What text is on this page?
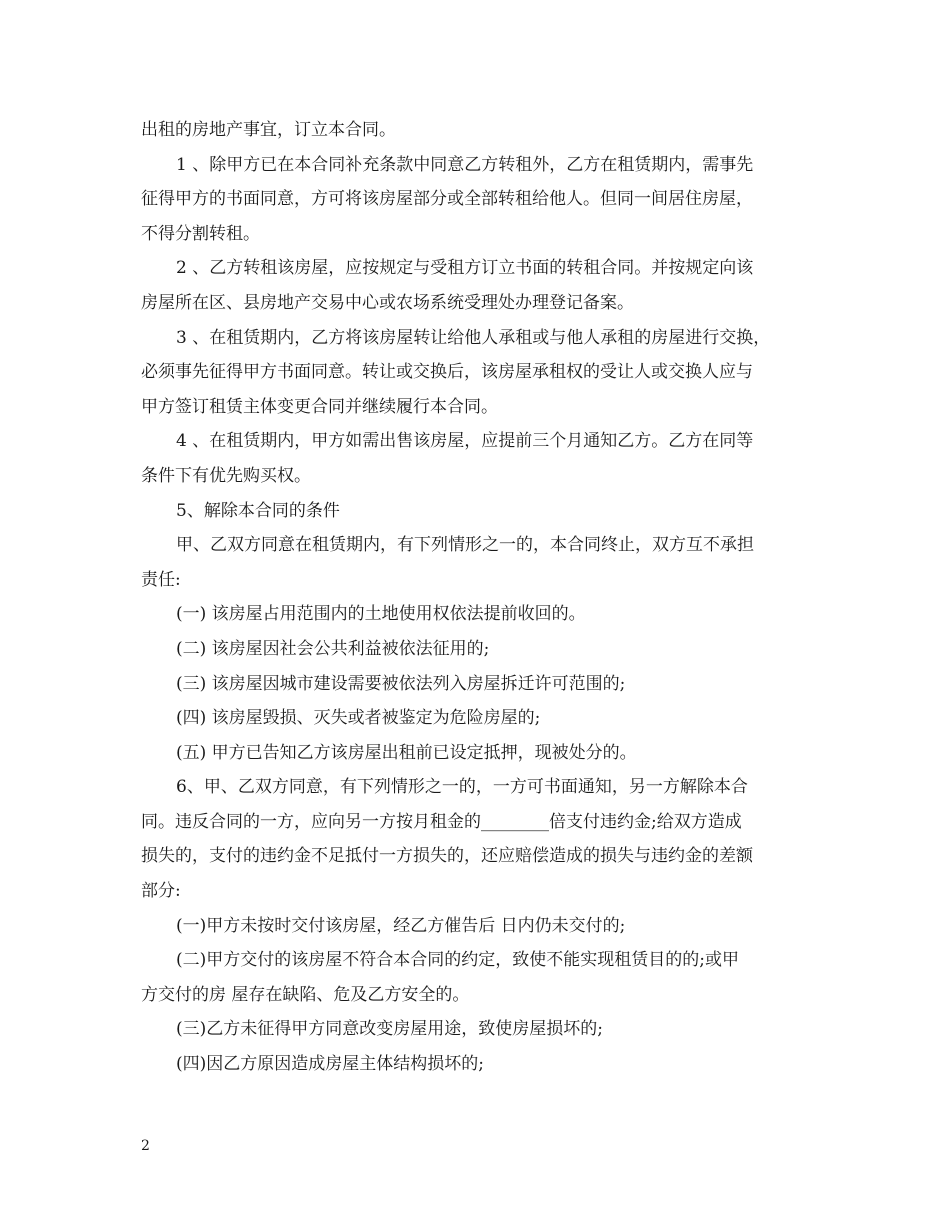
出租的房地产事宜，订立本合同。
1 、除甲方已在本合同补充条款中同意乙方转租外，乙方在租赁期内，需事先
征得甲方的书面同意，方可将该房屋部分或全部转租给他人。但同一间居住房屋，
不得分割转租。
2 、乙方转租该房屋，应按规定与受租方订立书面的转租合同。并按规定向该
房屋所在区、县房地产交易中心或农场系统受理处办理登记备案。
3 、在租赁期内，乙方将该房屋转让给他人承租或与他人承租的房屋进行交换，
必须事先征得甲方书面同意。转让或交换后，该房屋承租权的受让人或交换人应与
甲方签订租赁主体变更合同并继续履行本合同。
4 、在租赁期内，甲方如需出售该房屋，应提前三个月通知乙方。乙方在同等
条件下有优先购买权。
5、解除本合同的条件
甲、乙双方同意在租赁期内，有下列情形之一的，本合同终止，双方互不承担
责任:
(一) 该房屋占用范围内的土地使用权依法提前收回的。
(二) 该房屋因社会公共利益被依法征用的;
(三) 该房屋因城市建设需要被依法列入房屋拆迁许可范围的;
(四) 该房屋毁损、灭失或者被鉴定为危险房屋的;
(五) 甲方已告知乙方该房屋出租前已设定抵押，现被处分的。
6、甲、乙双方同意，有下列情形之一的，一方可书面通知，另一方解除本合
同。违反合同的一方，应向另一方按月租金的________倍支付违约金;给双方造成
损失的，支付的违约金不足抵付一方损失的，还应赔偿造成的损失与违约金的差额
部分:
(一)甲方未按时交付该房屋，经乙方催告后 日内仍未交付的;
(二)甲方交付的该房屋不符合本合同的约定，致使不能实现租赁目的的;或甲
方交付的房 屋存在缺陷、危及乙方安全的。
(三)乙方未征得甲方同意改变房屋用途，致使房屋损坏的;
(四)因乙方原因造成房屋主体结构损坏的;
2
